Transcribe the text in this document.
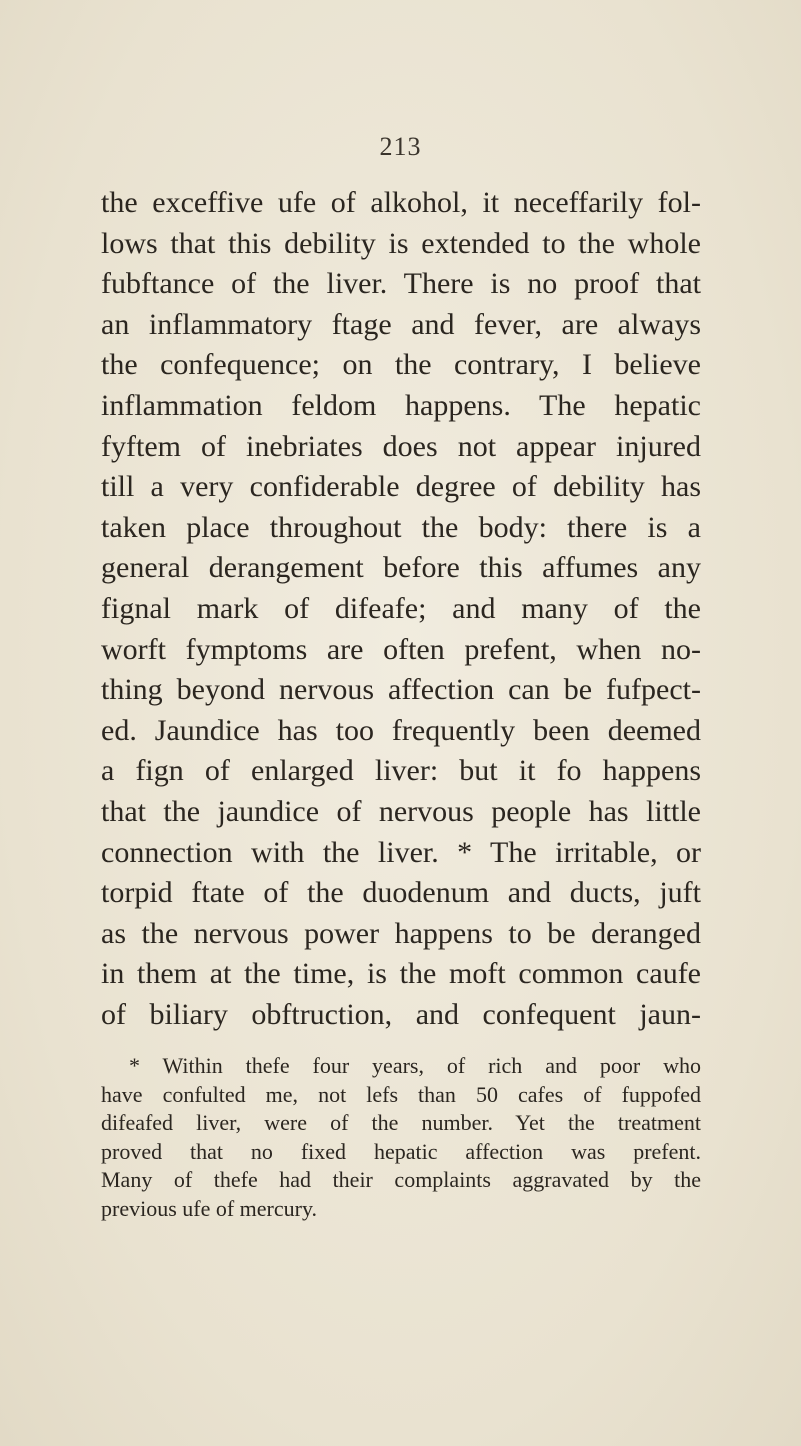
213
the exceffive ufe of alkohol, it neceffarily fol-
lows that this debility is extended to the whole
fubftance of the liver. There is no proof that
an inflammatory ftage and fever, are always
the confequence; on the contrary, I believe
inflammation feldom happens. The hepatic
fyftem of inebriates does not appear injured
till a very confiderable degree of debility has
taken place throughout the body: there is a
general derangement before this affumes any
fignal mark of difeafe; and many of the
worft fymptoms are often prefent, when no-
thing beyond nervous affection can be fufpect-
ed. Jaundice has too frequently been deemed
a fign of enlarged liver: but it fo happens
that the jaundice of nervous people has little
connection with the liver. * The irritable, or
torpid ftate of the duodenum and ducts, juft
as the nervous power happens to be deranged
in them at the time, is the moft common caufe
of biliary obftruction, and confequent jaun-
* Within thefe four years, of rich and poor who
have confulted me, not lefs than 50 cafes of fuppofed
difeafed liver, were of the number. Yet the treatment
proved that no fixed hepatic affection was prefent.
Many of thefe had their complaints aggravated by the
previous ufe of mercury.
